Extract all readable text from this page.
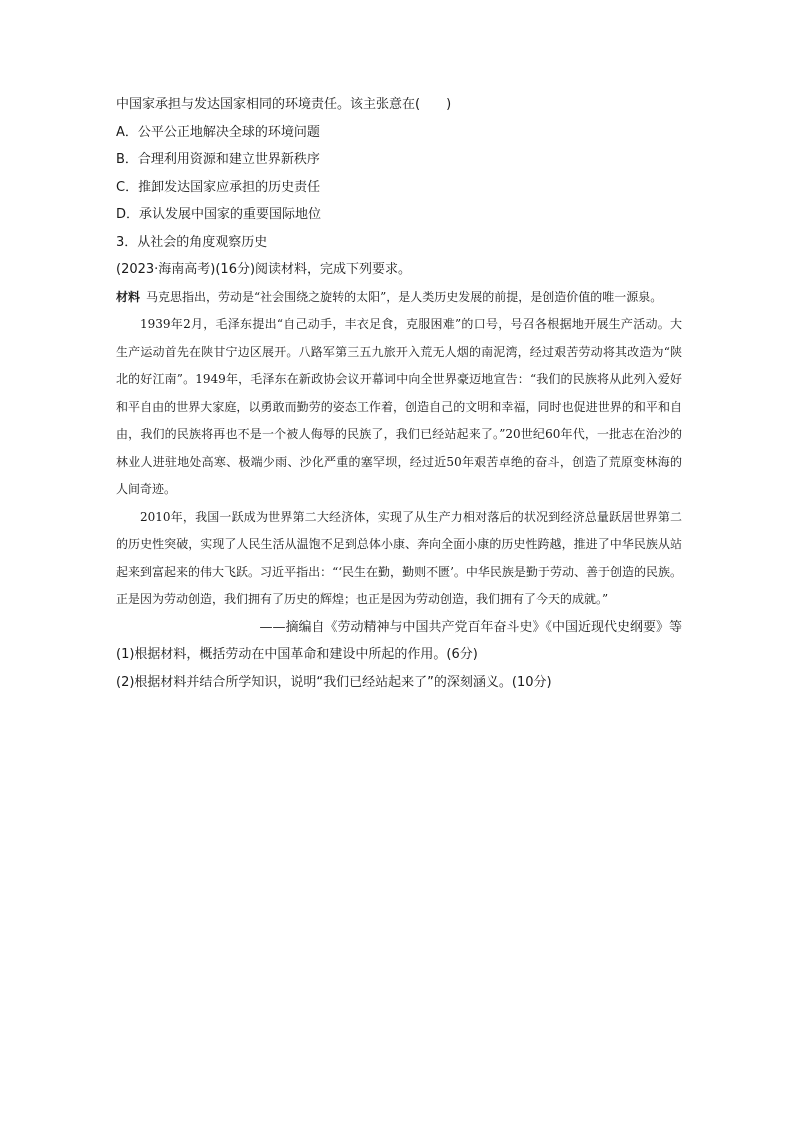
中国家承担与发达国家相同的环境责任。该主张意在(　　)
A．公平公正地解决全球的环境问题
B．合理利用资源和建立世界新秩序
C．推卸发达国家应承担的历史责任
D．承认发展中国家的重要国际地位
3．从社会的角度观察历史
(2023·海南高考)(16分)阅读材料，完成下列要求。

材料 马克思指出，劳动是“社会围绕之旋转的太阳”，是人类历史发展的前提，是创造价值的唯一源泉。

1939年2月，毛泽东提出“自己动手，丰衣足食，克服困难”的口号，号召各根据地开展生产活动。大生产运动首先在陕甘宁边区展开。八路军第三五九旅开入荒无人烟的南泥湾，经过艰苦劳动将其改造为“陕北的好江南”。1949年，毛泽东在新政协会议开幕词中向全世界豪迈地宣告：“我们的民族将从此列入爱好和平自由的世界大家庭，以勇敢而勤劳的姿态工作着，创造自己的文明和幸福，同时也促进世界的和平和自由，我们的民族将再也不是一个被人侮辱的民族了，我们已经站起来了。”20世纪60年代，一批志在治沙的林业人进驻地处高寒、极端少雨、沙化严重的塞罕坝，经过近50年艰苦卓绝的奋斗，创造了荒原变林海的人间奇迹。

2010年，我国一跃成为世界第二大经济体，实现了从生产力相对落后的状况到经济总量跃居世界第二的历史性突破，实现了人民生活从温饱不足到总体小康、奔向全面小康的历史性跨越，推进了中华民族从站起来到富起来的伟大飞跃。习近平指出：“‘民生在勤，勤则不匮’。中华民族是勤于劳动、善于创造的民族。正是因为劳动创造，我们拥有了历史的辉煌；也正是因为劳动创造，我们拥有了今天的成就。”

——摘编自《劳动精神与中国共产党百年奋斗史》《中国近现代史纲要》等
(1)根据材料，概括劳动在中国革命和建设中所起的作用。(6分)
(2)根据材料并结合所学知识，说明“我们已经站起来了”的深刻涵义。(10分)
